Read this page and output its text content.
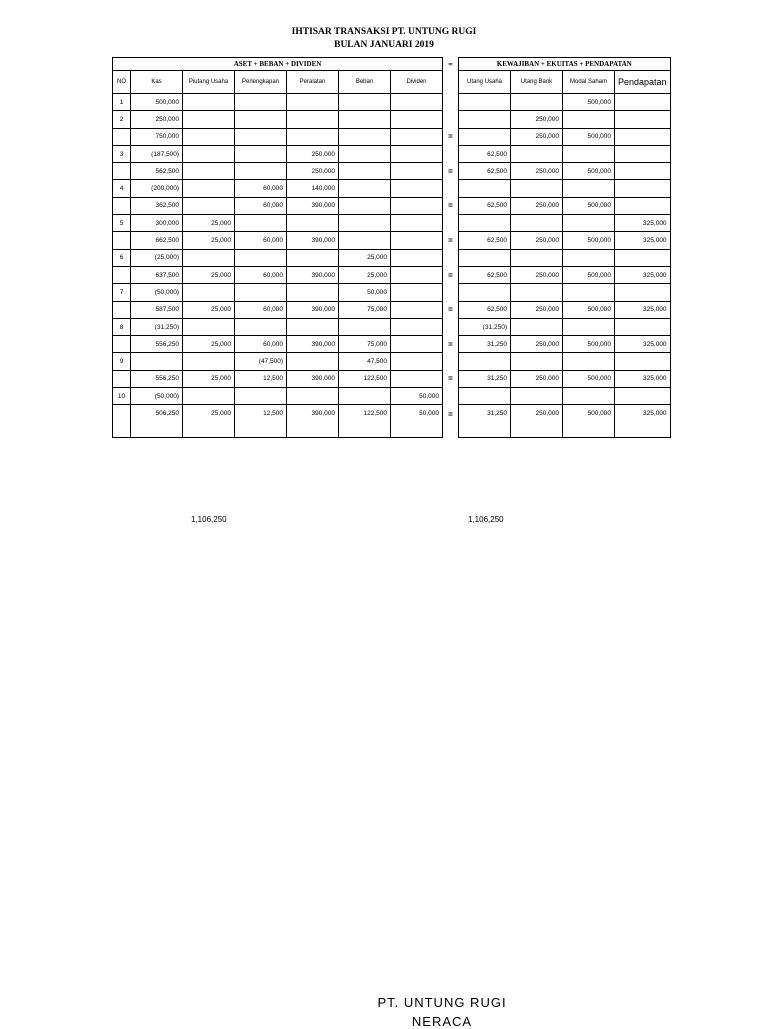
IHTISAR TRANSAKSI PT. UNTUNG RUGI
BULAN JANUARI 2019
ASET + BEBAN + DIVIDEN							=	KEWAJIBAN + EKUITAS + PENDAPATAN			
NO	Kas	Piutang Usaha	Perlengkapan	Peralatan	Beban	Dividen		Utang Usaha	Utang Bank	Modal Saham	Pendapatan
1	500,000									500,000	
2	250,000								250,000		
	750,000						=		250,000	500,000	
3	(187,500)			250,000				62,500			
	562,500			250,000			=	62,500	250,000	500,000	
4	(200,000)		60,000	140,000							
	362,500		60,000	390,000			=	62,500	250,000	500,000	
5	300,000	25,000									325,000
	662,500	25,000	60,000	390,000			=	62,500	250,000	500,000	325,000
6	(25,000)				25,000						
	637,500	25,000	60,000	390,000	25,000		=	62,500	250,000	500,000	325,000
7	(50,000)				50,000						
	587,500	25,000	60,000	390,000	75,000		=	62,500	250,000	500,000	325,000
8	(31,250)							(31,250)			
	556,250	25,000	60,000	390,000	75,000		=	31,250	250,000	500,000	325,000
9			(47,500)		47,500						
	556,250	25,000	12,500	390,000	122,500		=	31,250	250,000	500,000	325,000
10	(50,000)					50,000					
	506,250	25,000	12,500	390,000	122,500	50,000	=	31,250	250,000	500,000	325,000
1,106,250	1,106,250
PT. UNTUNG RUGI
NERACA
